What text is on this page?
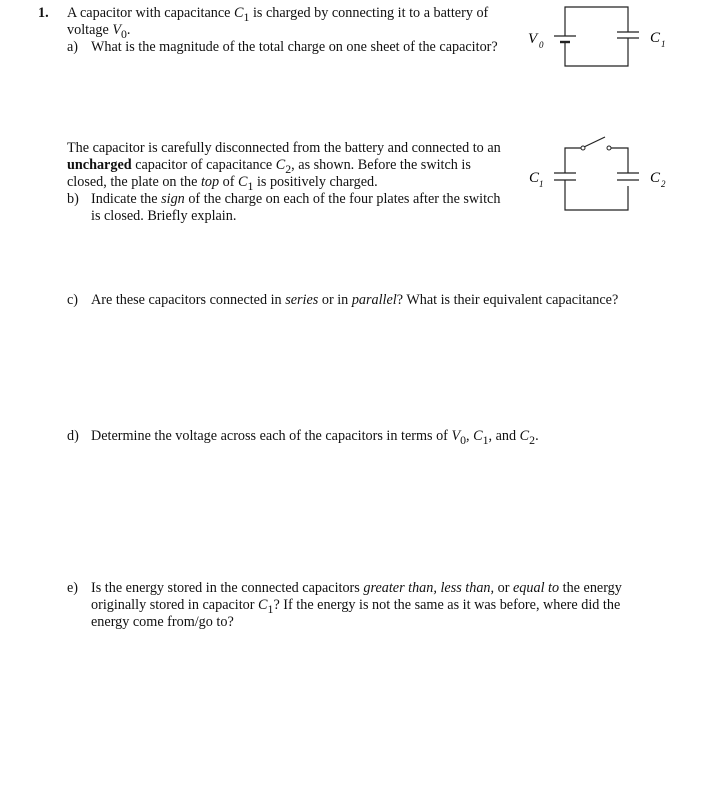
1. A capacitor with capacitance $C_1$ is charged by connecting it to a battery of
voltage $V_0$.
a) What is the magnitude of the total charge on one sheet of the capacitor? V 0	C 1
The capacitor is carefully disconnected from the battery and connected to an
uncharged capacitor of capacitance $C_2$, as shown. Before the switch is
closed, the plate on the top of $C_1$ is positively charged.
b) Indicate the sign of the charge on each of the four plates after the switch
is closed. Briefly explain.
C 1	C 2
c) Are these capacitors connected in series or in parallel? What is their equivalent capacitance?
d) Determine the voltage across each of the capacitors in terms of $V_0$, $C_1$, and $C_2$.
e) Is the energy stored in the connected capacitors greater than, less than, or equal to the energy
originally stored in capacitor $C_1$? If the energy is not the same as it was before, where did the
energy come from/go to?
